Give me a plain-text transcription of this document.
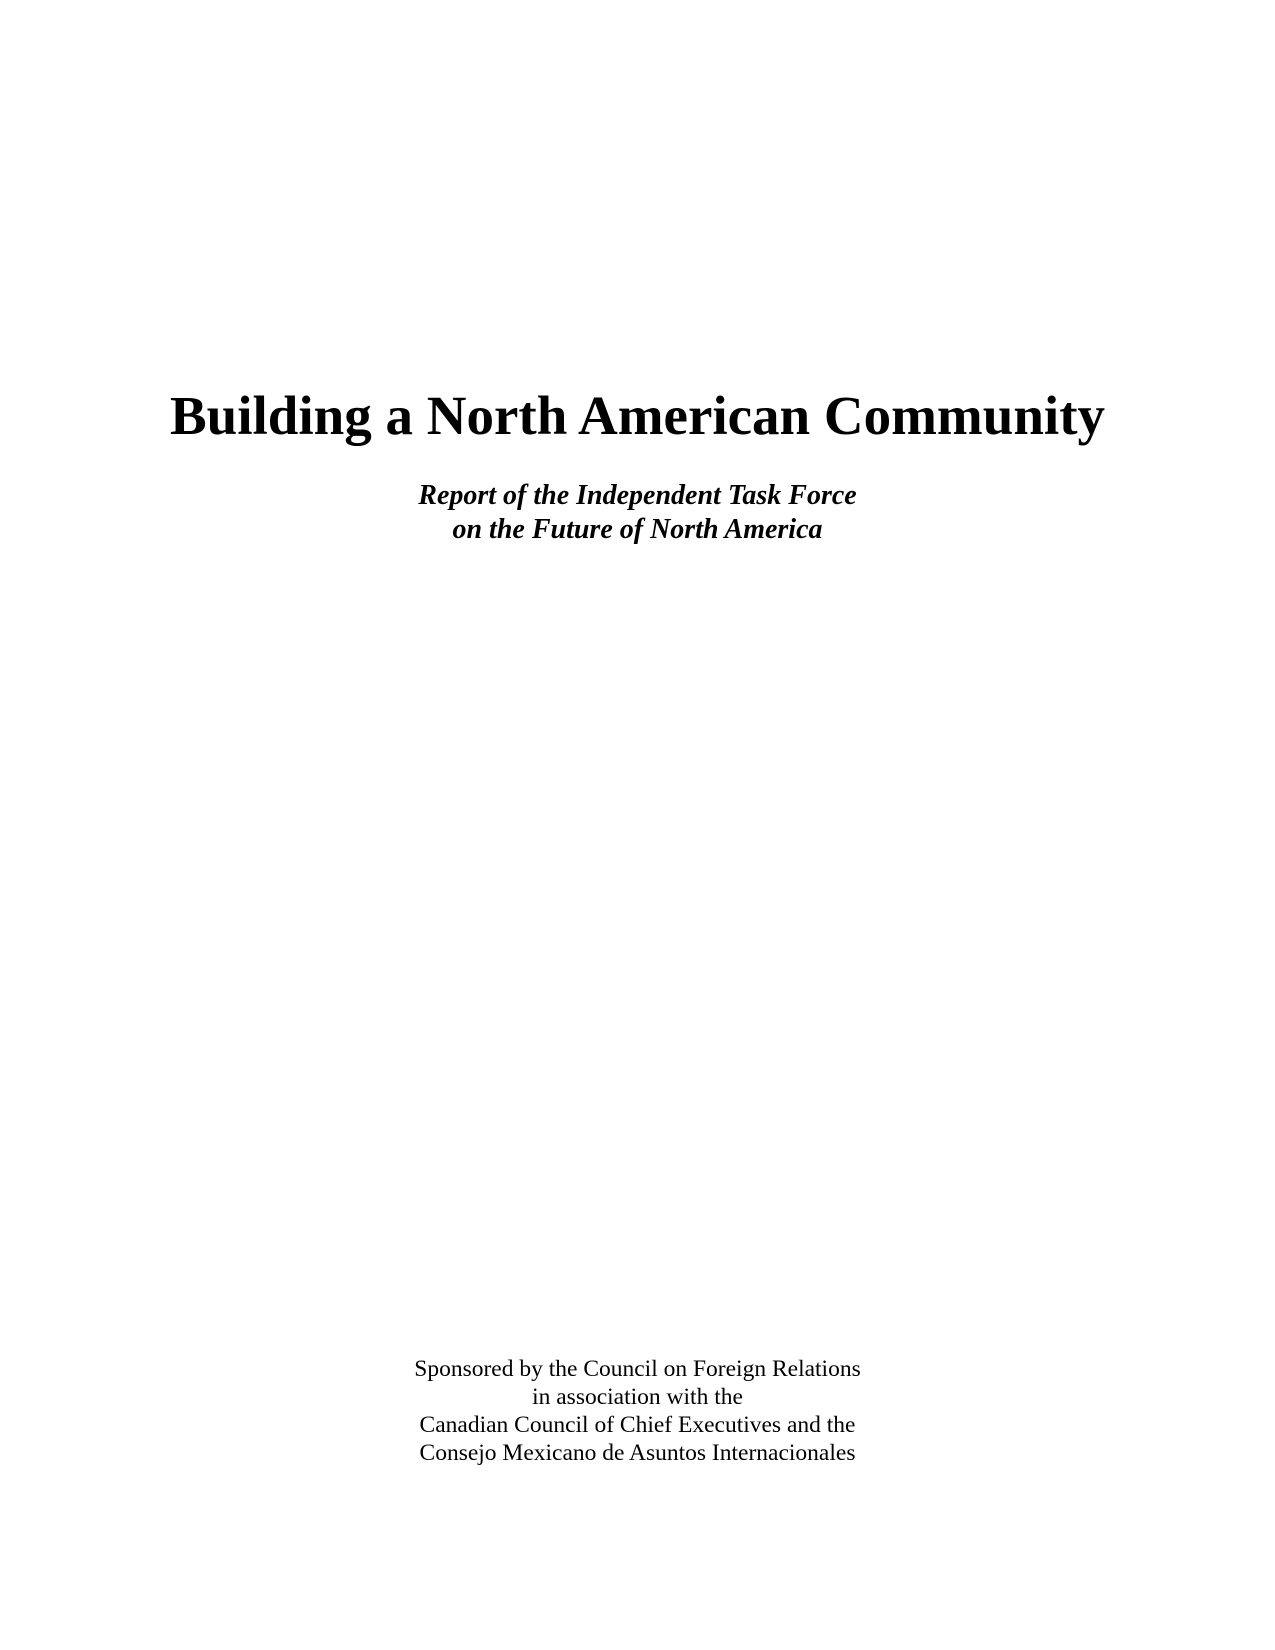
Building a North American Community
Report of the Independent Task Force
on the Future of North America
Sponsored by the Council on Foreign Relations
in association with the
Canadian Council of Chief Executives and the
Consejo Mexicano de Asuntos Internacionales
